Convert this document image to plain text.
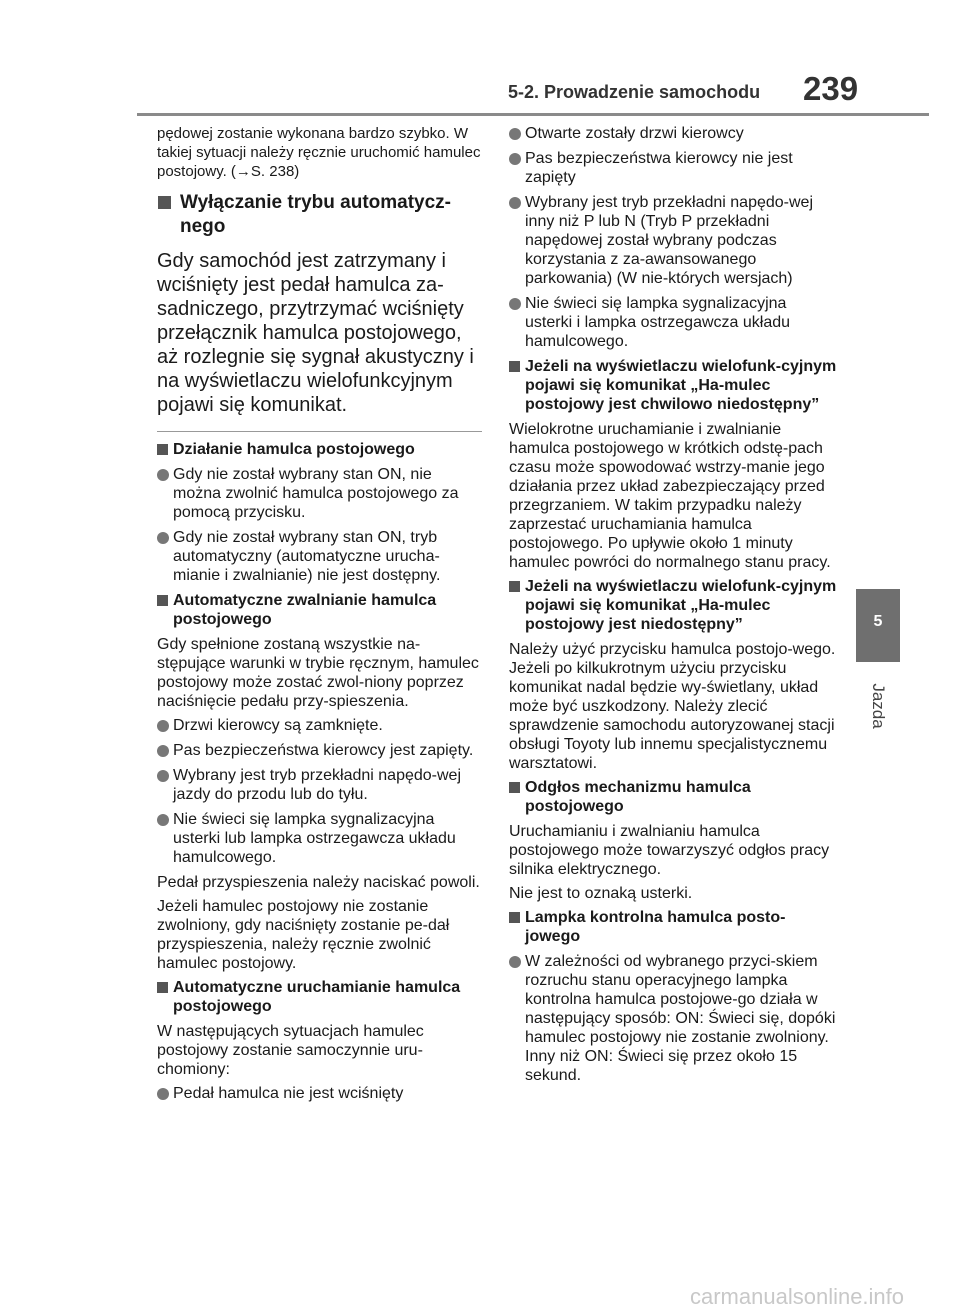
5-2. Prowadzenie samochodu 239
5
Jazda
pędowej zostanie wykonana bardzo szybko. W takiej sytuacji należy ręcznie uruchomić hamulec postojowy. (→S. 238)
Wyłączanie trybu automatycz-nego
Gdy samochód jest zatrzymany i wciśnięty jest pedał hamulca za-sadniczego, przytrzymać wciśnięty przełącznik hamulca postojowego, aż rozlegnie się sygnał akustyczny i na wyświetlaczu wielofunkcyjnym pojawi się komunikat.
Działanie hamulca postojowego
Gdy nie został wybrany stan ON, nie można zwolnić hamulca postojowego za pomocą przycisku.
Gdy nie został wybrany stan ON, tryb automatyczny (automatyczne urucha-mianie i zwalnianie) nie jest dostępny.
Automatyczne zwalnianie hamulca postojowego
Gdy spełnione zostaną wszystkie na-stępujące warunki w trybie ręcznym, hamulec postojowy może zostać zwol-niony poprzez naciśnięcie pedału przy-spieszenia.
Drzwi kierowcy są zamknięte.
Pas bezpieczeństwa kierowcy jest zapięty.
Wybrany jest tryb przekładni napędo-wej jazdy do przodu lub do tyłu.
Nie świeci się lampka sygnalizacyjna usterki lub lampka ostrzegawcza układu hamulcowego.
Pedał przyspieszenia należy naciskać powoli.
Jeżeli hamulec postojowy nie zostanie zwolniony, gdy naciśnięty zostanie pe-dał przyspieszenia, należy ręcznie zwolnić hamulec postojowy.
Automatyczne uruchamianie hamulca postojowego
W następujących sytuacjach hamulec postojowy zostanie samoczynnie uru-chomiony:
Pedał hamulca nie jest wciśnięty
Otwarte zostały drzwi kierowcy
Pas bezpieczeństwa kierowcy nie jest zapięty
Wybrany jest tryb przekładni napędo-wej inny niż P lub N (Tryb P przekładni napędowej został wybrany podczas korzystania z za-awansowanego parkowania) (W nie-których wersjach)
Nie świeci się lampka sygnalizacyjna usterki i lampka ostrzegawcza układu hamulcowego.
Jeżeli na wyświetlaczu wielofunk-cyjnym pojawi się komunikat „Ha-mulec postojowy jest chwilowo niedostępny”
Wielokrotne uruchamianie i zwalnianie hamulca postojowego w krótkich odstę-pach czasu może spowodować wstrzy-manie jego działania przez układ zabezpieczający przed przegrzaniem. W takim przypadku należy zaprzestać uruchamiania hamulca postojowego. Po upływie około 1 minuty hamulec powróci do normalnego stanu pracy.
Jeżeli na wyświetlaczu wielofunk-cyjnym pojawi się komunikat „Ha-mulec postojowy jest niedostępny”
Należy użyć przycisku hamulca postojo-wego. Jeżeli po kilkukrotnym użyciu przycisku komunikat nadal będzie wy-świetlany, układ może być uszkodzony. Należy zlecić sprawdzenie samochodu autoryzowanej stacji obsługi Toyoty lub innemu specjalistycznemu warsztatowi.
Odgłos mechanizmu hamulca postojowego
Uruchamianiu i zwalnianiu hamulca postojowego może towarzyszyć odgłos pracy silnika elektrycznego.
Nie jest to oznaką usterki.
Lampka kontrolna hamulca posto-jowego
W zależności od wybranego przyci-skiem rozruchu stanu operacyjnego lampka kontrolna hamulca postojowe-go działa w następujący sposób: ON: Świeci się, dopóki hamulec postojowy nie zostanie zwolniony. Inny niż ON: Świeci się przez około 15 sekund.
carmanualsonline.info
